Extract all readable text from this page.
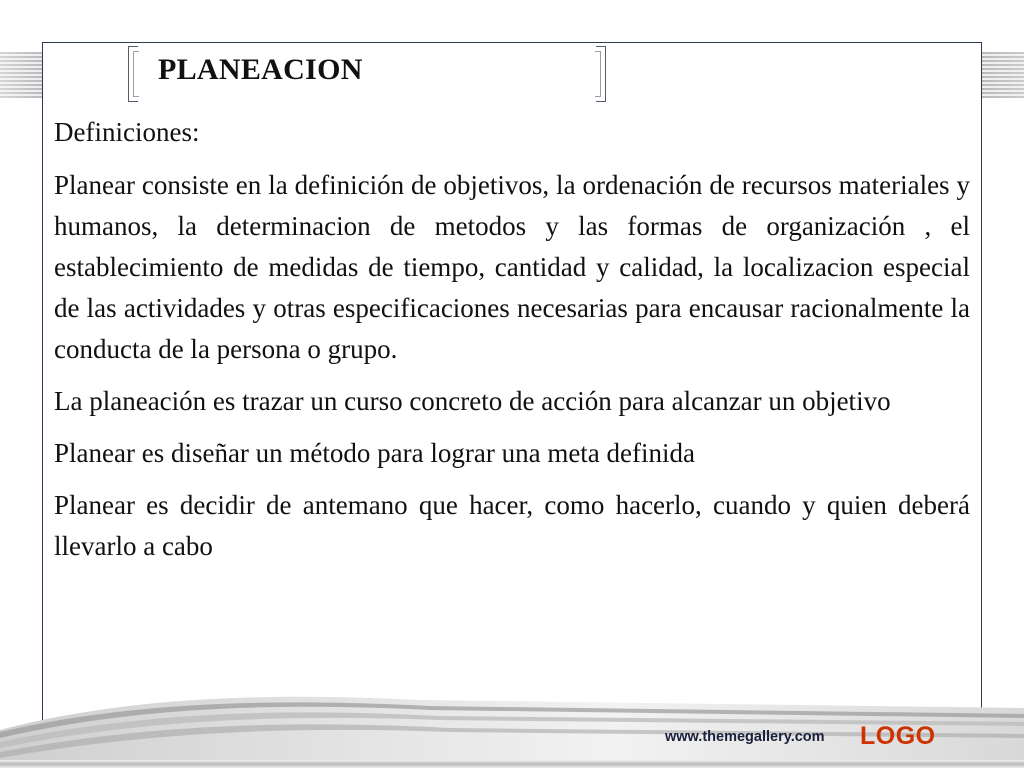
PLANEACION

Definiciones:

Planear consiste en la definición de objetivos, la ordenación de recursos materiales y humanos, la determinacion de metodos y las formas de organización , el establecimiento de medidas de tiempo, cantidad y calidad, la localizacion especial de las actividades y otras especificaciones necesarias para encausar racionalmente la conducta de la persona o grupo.

La planeación es trazar un curso concreto de acción para alcanzar un objetivo

Planear es diseñar un método para lograr una meta definida

Planear es decidir de antemano que hacer, como hacerlo, cuando y quien deberá llevarlo a cabo

www.themegallery.com LOGO
